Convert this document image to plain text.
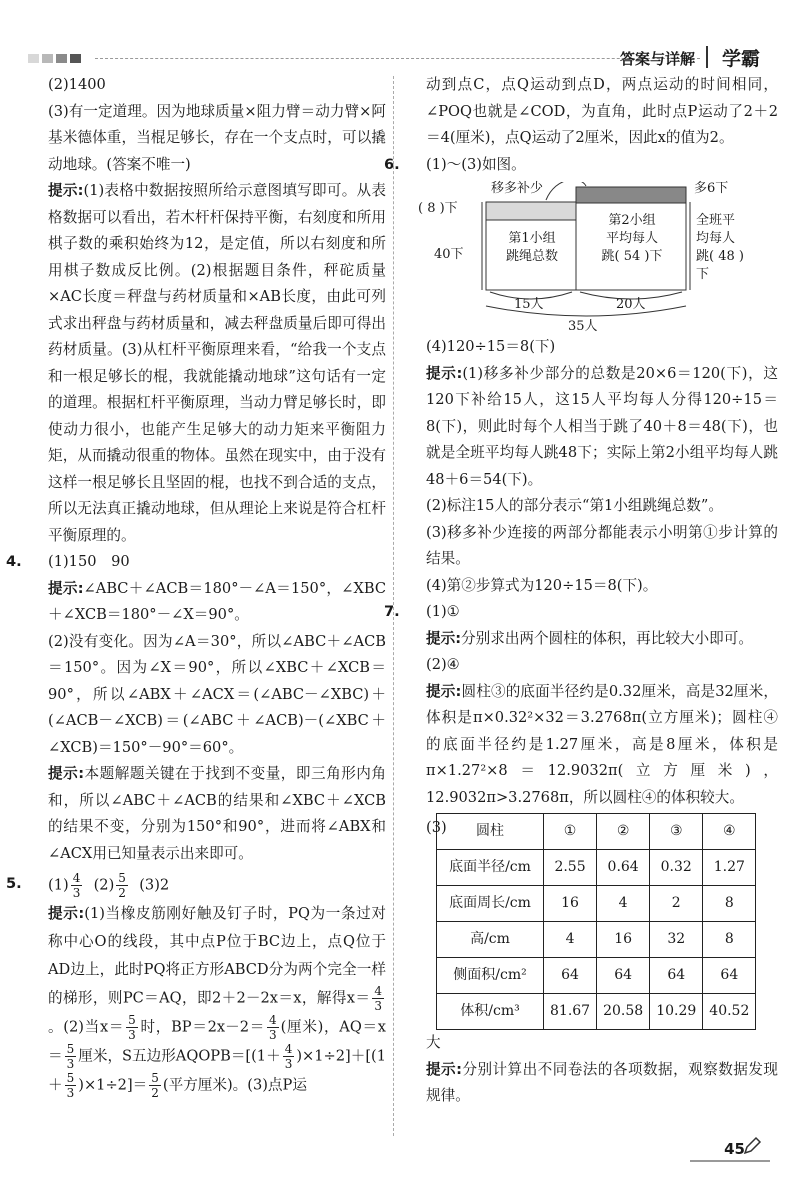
答案与详解 学霸

(2)1400

(3)有一定道理。因为地球质量×阻力臂＝动力臂×阿基米德体重，当棍足够长，存在一个支点时，可以撬动地球。(答案不唯一)

提示:(1)表格中数据按照所给示意图填写即可。从表格数据可以看出，若木杆杆保持平衡，右刻度和所用棋子数的乘积始终为12，是定值，所以右刻度和所用棋子数成反比例。(2)根据题目条件，秤砣质量×AC长度＝秤盘与药材质量和×AB长度，由此可列式求出秤盘与药材质量和，减去秤盘质量后即可得出药材质量。(3)从杠杆平衡原理来看，“给我一个支点和一根足够长的棍，我就能撬动地球”这句话有一定的道理。根据杠杆平衡原理，当动力臂足够长时，即使动力很小，也能产生足够大的动力矩来平衡阻力矩，从而撬动很重的物体。虽然在现实中，由于没有这样一根足够长且坚固的棍，也找不到合适的支点，所以无法真正撬动地球，但从理论上来说是符合杠杆平衡原理的。

4. (1)150　90

提示:∠ABC＋∠ACB＝180°－∠A＝150°，∠XBC＋∠XCB＝180°－∠X＝90°。

(2)没有变化。因为∠A＝30°，所以∠ABC＋∠ACB＝150°。因为∠X＝90°，所以∠XBC＋∠XCB＝90°，所以∠ABX＋∠ACX＝(∠ABC－∠XBC)＋(∠ACB－∠XCB)＝(∠ABC＋∠ACB)－(∠XBC＋∠XCB)＝150°－90°＝60°。

提示:本题解题关键在于找到不变量，即三角形内角和，所以∠ABC＋∠ACB的结果和∠XBC＋∠XCB的结果不变，分别为150°和90°，进而将∠ABX和∠ACX用已知量表示出来即可。

5. $(1) \frac{4}{3} (2) \frac{5}{2} (3)2$

提示:(1)当橡皮筋刚好触及钉子时，PQ为一条过对称中心O的线段，其中点P位于BC边上，点Q位于AD边上，此时PQ将正方形ABCD分为两个完全一样的梯形，则PC＝AQ，即2＋2－2x＝x，解得$x= \frac{4}{3}$
。(2)当$x= \frac{5}{3}$ 时，$BP=2x-2= \frac{4}{3}$ (厘米)，$AQ=x= \frac{5}{3}$ 厘米，S五边形AQOPB＝[(1＋ $\frac{4}{3} )\times 1\div 2]+[(1+ \frac{5}{3} )\times 1\div 2]= \frac{5}{2}$ (平方厘米)。(3)点P运

动到点C，点Q运动到点D，两点运动的时间相同，∠POQ也就是∠COD，为直角，此时点P运动了2＋2＝4(厘米)，点Q运动了2厘米，因此x的值为2。

6. (1)～(3)如图。

移多补少	多6下
( 8 )下
40下
第1小组
跳绳总数
第2小组
平均每人
跳( 54 )下
全班平
均每人
跳( 48 )
下
15人	20人
35人

(4)120÷15＝8(下)

提示:(1)移多补少部分的总数是20×6＝120(下)，这120下补给15人，这15人平均每人分得120÷15＝8(下)，则此时每个人相当于跳了40＋8＝48(下)，也就是全班平均每人跳48下；实际上第2小组平均每人跳48＋6＝54(下)。

(2)标注15人的部分表示“第1小组跳绳总数”。

(3)移多补少连接的两部分都能表示小明第①步计算的结果。

(4)第②步算式为120÷15＝8(下)。

7. (1)①

提示:分别求出两个圆柱的体积，再比较大小即可。

(2)④

提示:圆柱③的底面半径约是0.32厘米，高是32厘米，体积是π×0.32²×32＝3.2768π(立方厘米)；圆柱④的底面半径约是1.27厘米，高是8厘米，体积是π×1.27²×8＝12.9032π(立方厘米)，12.9032π>3.2768π，所以圆柱④的体积较大。

(3) 圆柱	①	②	③	④
底面半径/cm	2.55	0.64	0.32	1.27
底面周长/cm	16	4	2	8
高/cm	4	16	32	8
侧面积/cm²	64	64	64	64
体积/cm³	81.67	20.58	10.29	40.52

大

提示:分别计算出不同卷法的各项数据，观察数据发现规律。

45
